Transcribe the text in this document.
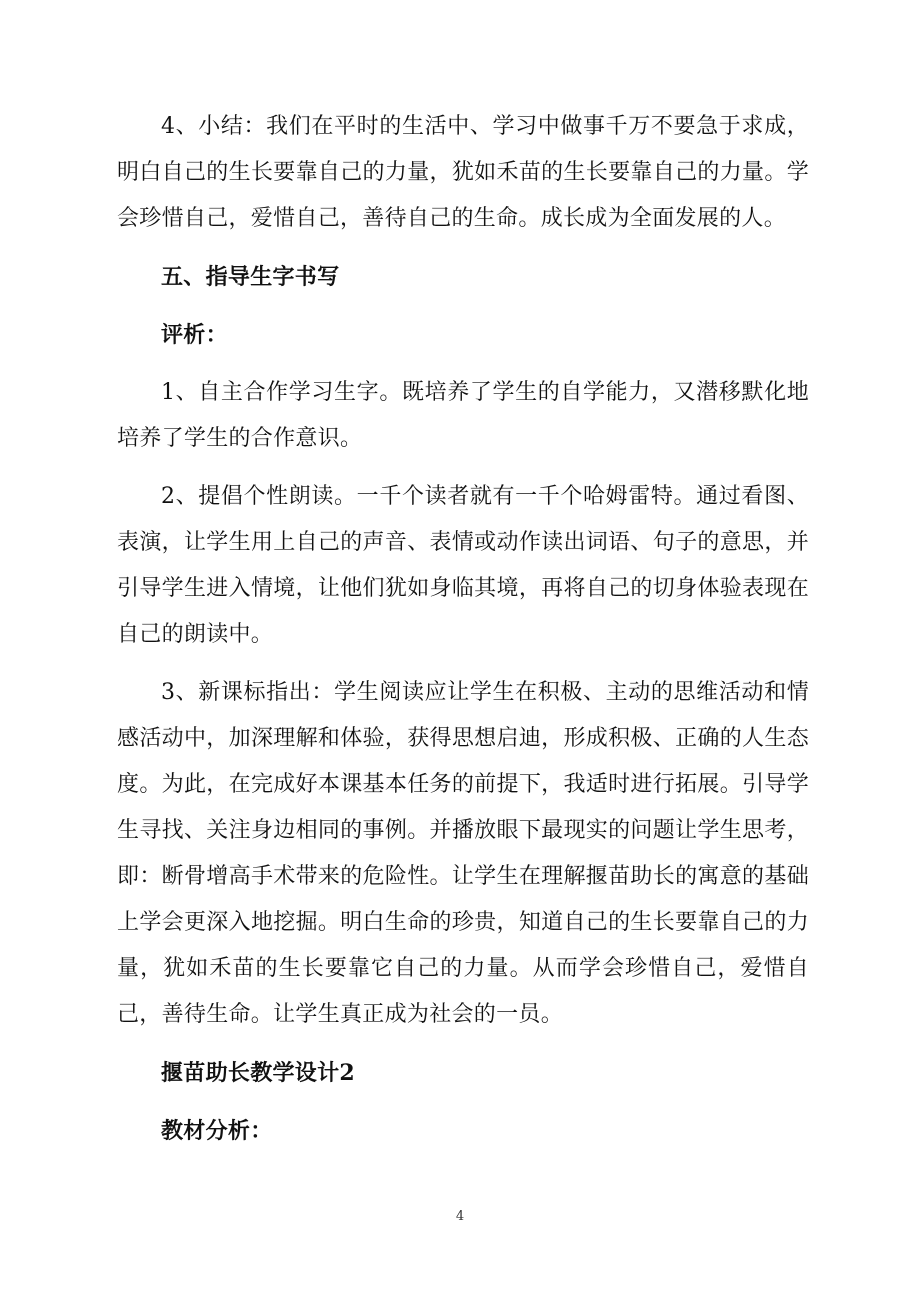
4、小结：我们在平时的生活中、学习中做事千万不要急于求成，明白自己的生长要靠自己的力量，犹如禾苗的生长要靠自己的力量。学会珍惜自己，爱惜自己，善待自己的生命。成长成为全面发展的人。

五、指导生字书写

评析：

1、自主合作学习生字。既培养了学生的自学能力，又潜移默化地培养了学生的合作意识。

2、提倡个性朗读。一千个读者就有一千个哈姆雷特。通过看图、表演，让学生用上自己的声音、表情或动作读出词语、句子的意思，并引导学生进入情境，让他们犹如身临其境，再将自己的切身体验表现在自己的朗读中。

3、新课标指出：学生阅读应让学生在积极、主动的思维活动和情感活动中，加深理解和体验，获得思想启迪，形成积极、正确的人生态度。为此，在完成好本课基本任务的前提下，我适时进行拓展。引导学生寻找、关注身边相同的事例。并播放眼下最现实的问题让学生思考，即：断骨增高手术带来的危险性。让学生在理解揠苗助长的寓意的基础上学会更深入地挖掘。明白生命的珍贵，知道自己的生长要靠自己的力量，犹如禾苗的生长要靠它自己的力量。从而学会珍惜自己，爱惜自己，善待生命。让学生真正成为社会的一员。

揠苗助长教学设计2

教材分析：

4
